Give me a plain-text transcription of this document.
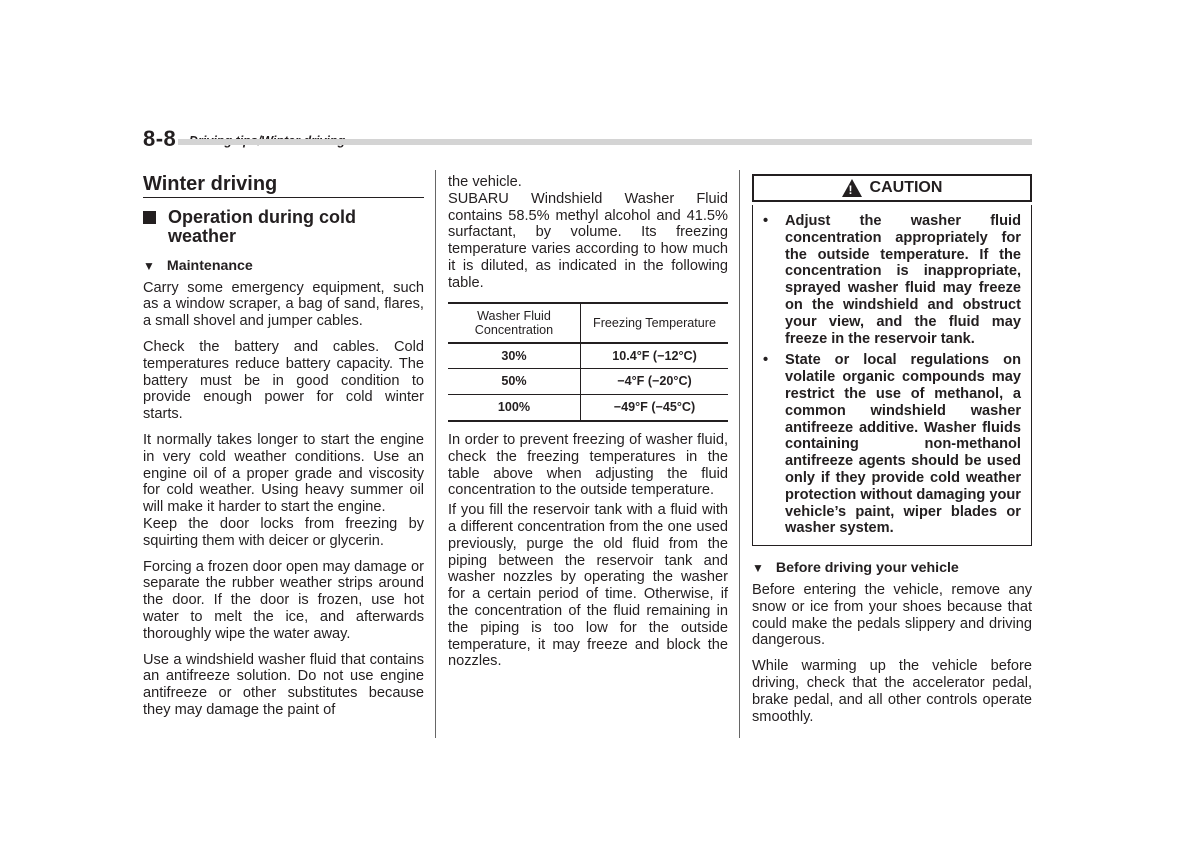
8-8
Winter driving
Operation during cold weather
▼ Maintenance

Carry some emergency equipment, such as a window scraper, a bag of sand, flares, a small shovel and jumper cables.

Check the battery and cables. Cold temperatures reduce battery capacity. The battery must be in good condition to provide enough power for cold winter starts.

It normally takes longer to start the engine in very cold weather conditions. Use an engine oil of a proper grade and viscosity for cold weather. Using heavy summer oil will make it harder to start the engine.

Keep the door locks from freezing by squirting them with deicer or glycerin.

Forcing a frozen door open may damage or separate the rubber weather strips around the door. If the door is frozen, use hot water to melt the ice, and afterwards thoroughly wipe the water away.

Use a windshield washer fluid that contains an antifreeze solution. Do not use engine antifreeze or other substitutes because they may damage the paint of

the vehicle.

SUBARU Windshield Washer Fluid contains 58.5% methyl alcohol and 41.5% surfactant, by volume. Its freezing temperature varies according to how much it is diluted, as indicated in the following table.

Washer Fluid Concentration	Freezing Temperature
30%	10.4°F (−12°C)
50%	−4°F (−20°C)
100%	−49°F (−45°C)

In order to prevent freezing of washer fluid, check the freezing temperatures in the table above when adjusting the fluid concentration to the outside temperature.

If you fill the reservoir tank with a fluid with a different concentration from the one used previously, purge the old fluid from the piping between the reservoir tank and washer nozzles by operating the washer for a certain period of time. Otherwise, if the concentration of the fluid remaining in the piping is too low for the outside temperature, it may freeze and block the nozzles.

! CAUTION
•	Adjust the washer fluid concentration appropriately for the outside temperature. If the concentration is inappropriate, sprayed washer fluid may freeze on the windshield and obstruct your view, and the fluid may freeze in the reservoir tank.
•	State or local regulations on volatile organic compounds may restrict the use of methanol, a common windshield washer antifreeze additive. Washer fluids containing non-methanol antifreeze agents should be used only if they provide cold weather protection without damaging your vehicle’s paint, wiper blades or washer system.
▼ Before driving your vehicle

Before entering the vehicle, remove any snow or ice from your shoes because that could make the pedals slippery and driving dangerous.

While warming up the vehicle before driving, check that the accelerator pedal, brake pedal, and all other controls operate smoothly.
